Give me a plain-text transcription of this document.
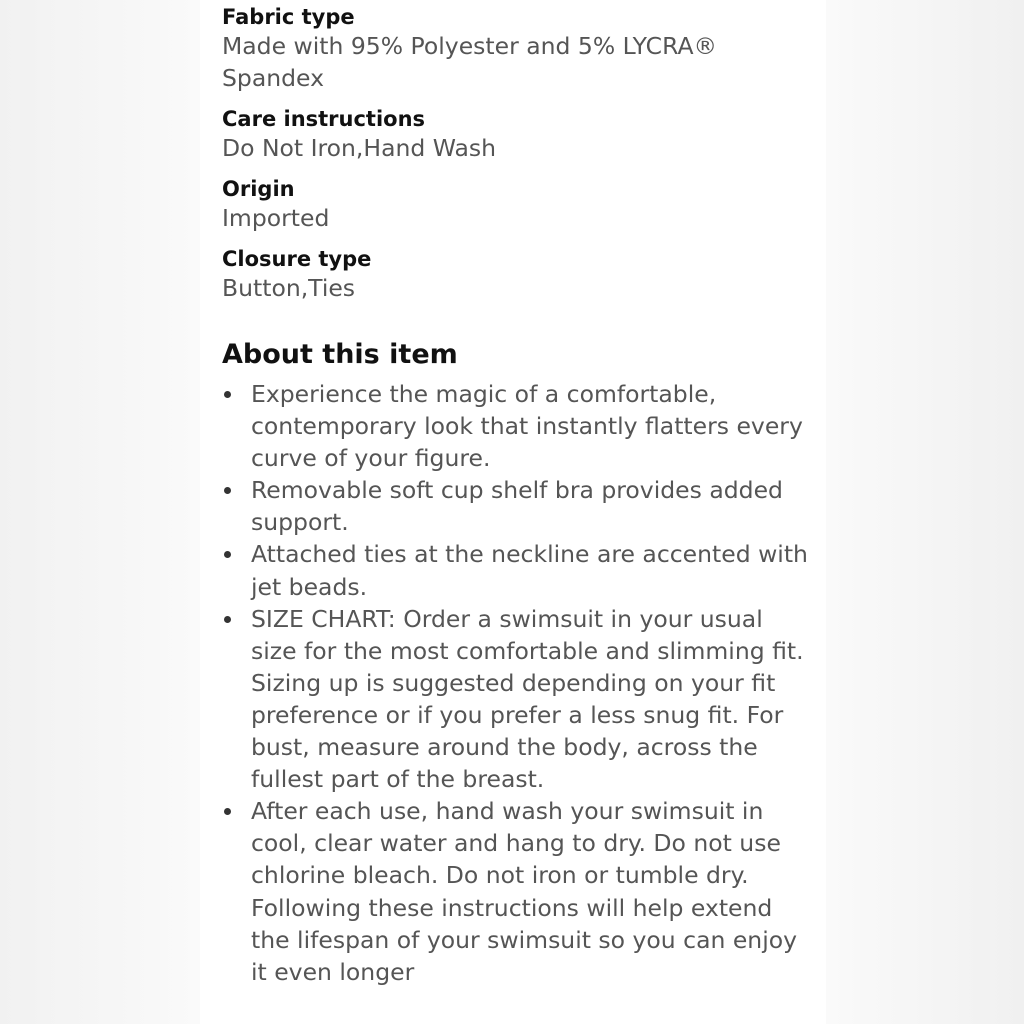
Fabric type

Made with 95% Polyester and 5% LYCRA® Spandex

Care instructions

Do Not Iron,Hand Wash

Origin

Imported

Closure type

Button,Ties

About this item
Experience the magic of a comfortable, contemporary look that instantly flatters every curve of your figure.
Removable soft cup shelf bra provides added support.
Attached ties at the neckline are accented with jet beads.
SIZE CHART: Order a swimsuit in your usual size for the most comfortable and slimming fit. Sizing up is suggested depending on your fit preference or if you prefer a less snug fit. For bust, measure around the body, across the fullest part of the breast.
After each use, hand wash your swimsuit in cool, clear water and hang to dry. Do not use chlorine bleach. Do not iron or tumble dry. Following these instructions will help extend the lifespan of your swimsuit so you can enjoy it even longer
